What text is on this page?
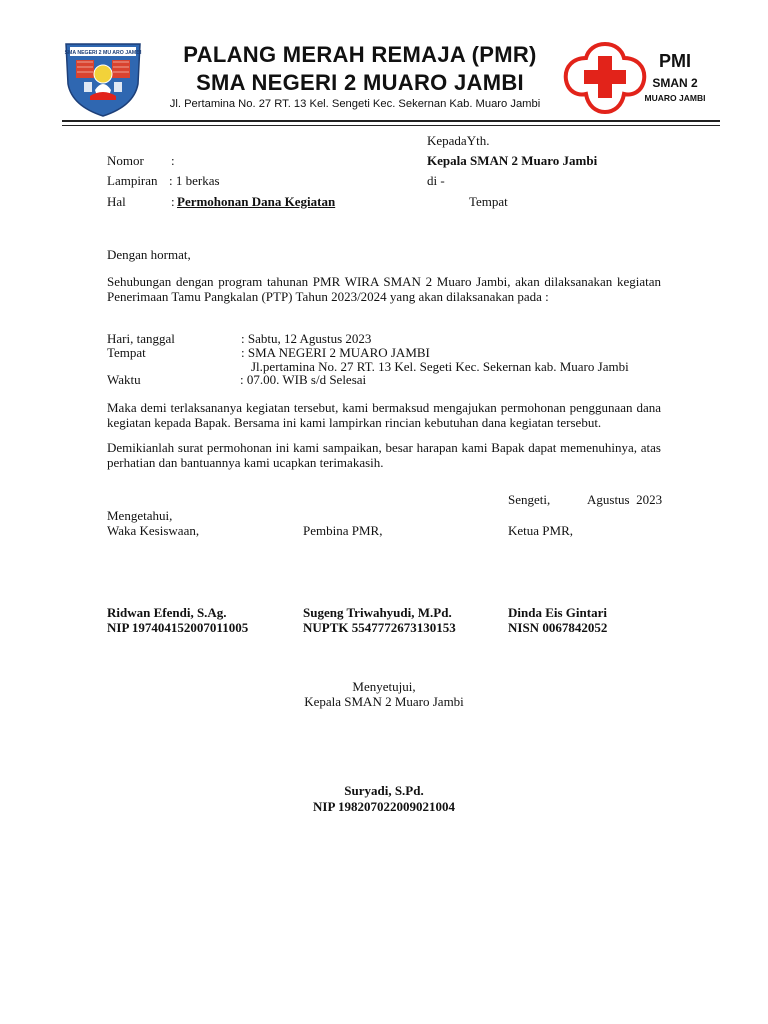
SMA NEGERI 2 MU ARO JAMBI	PALANG MERAH REMAJA (PMR)
SMA NEGERI 2 MUARO JAMBI
Jl. Pertamina No. 27 RT. 13 Kel. Sengeti Kec. Sekernan Kab. Muaro Jambi
PMI
SMAN 2
MUARO JAMBI
KepadaYth.
Kepala SMAN 2 Muaro Jambi
di -
Tempat
Nomor :
Lampiran : 1 berkas
Hal	: Permohonan Dana Kegiatan
Dengan hormat,
Sehubungan dengan program tahunan PMR WIRA SMAN 2 Muaro Jambi, akan dilaksanakan kegiatan Penerimaan Tamu Pangkalan (PTP) Tahun 2023/2024 yang akan dilaksanakan pada :
Hari, tanggal	: Sabtu, 12 Agustus 2023
Tempat	: SMA NEGERI 2 MUARO JAMBI
Jl.pertamina No. 27 RT. 13 Kel. Segeti Kec. Sekernan kab. Muaro Jambi
Waktu	: 07.00. WIB s/d Selesai
Maka demi terlaksananya kegiatan tersebut, kami bermaksud mengajukan permohonan penggunaan dana kegiatan kepada Bapak. Bersama ini kami lampirkan rincian kebutuhan dana kegiatan tersebut.
Demikianlah surat permohonan ini kami sampaikan, besar harapan kami Bapak dapat memenuhinya, atas perhatian dan bantuannya kami ucapkan terimakasih.
Sengeti,	Agustus  2023
Mengetahui,
Waka Kesiswaan,	Pembina PMR,	Ketua PMR,
Ridwan Efendi, S.Ag.
NIP 197404152007011005
Sugeng Triwahyudi, M.Pd.
NUPTK 5547772673130153
Dinda Eis Gintari
NISN 0067842052
Menyetujui,
Kepala SMAN 2 Muaro Jambi
Suryadi, S.Pd.
NIP 198207022009021004
